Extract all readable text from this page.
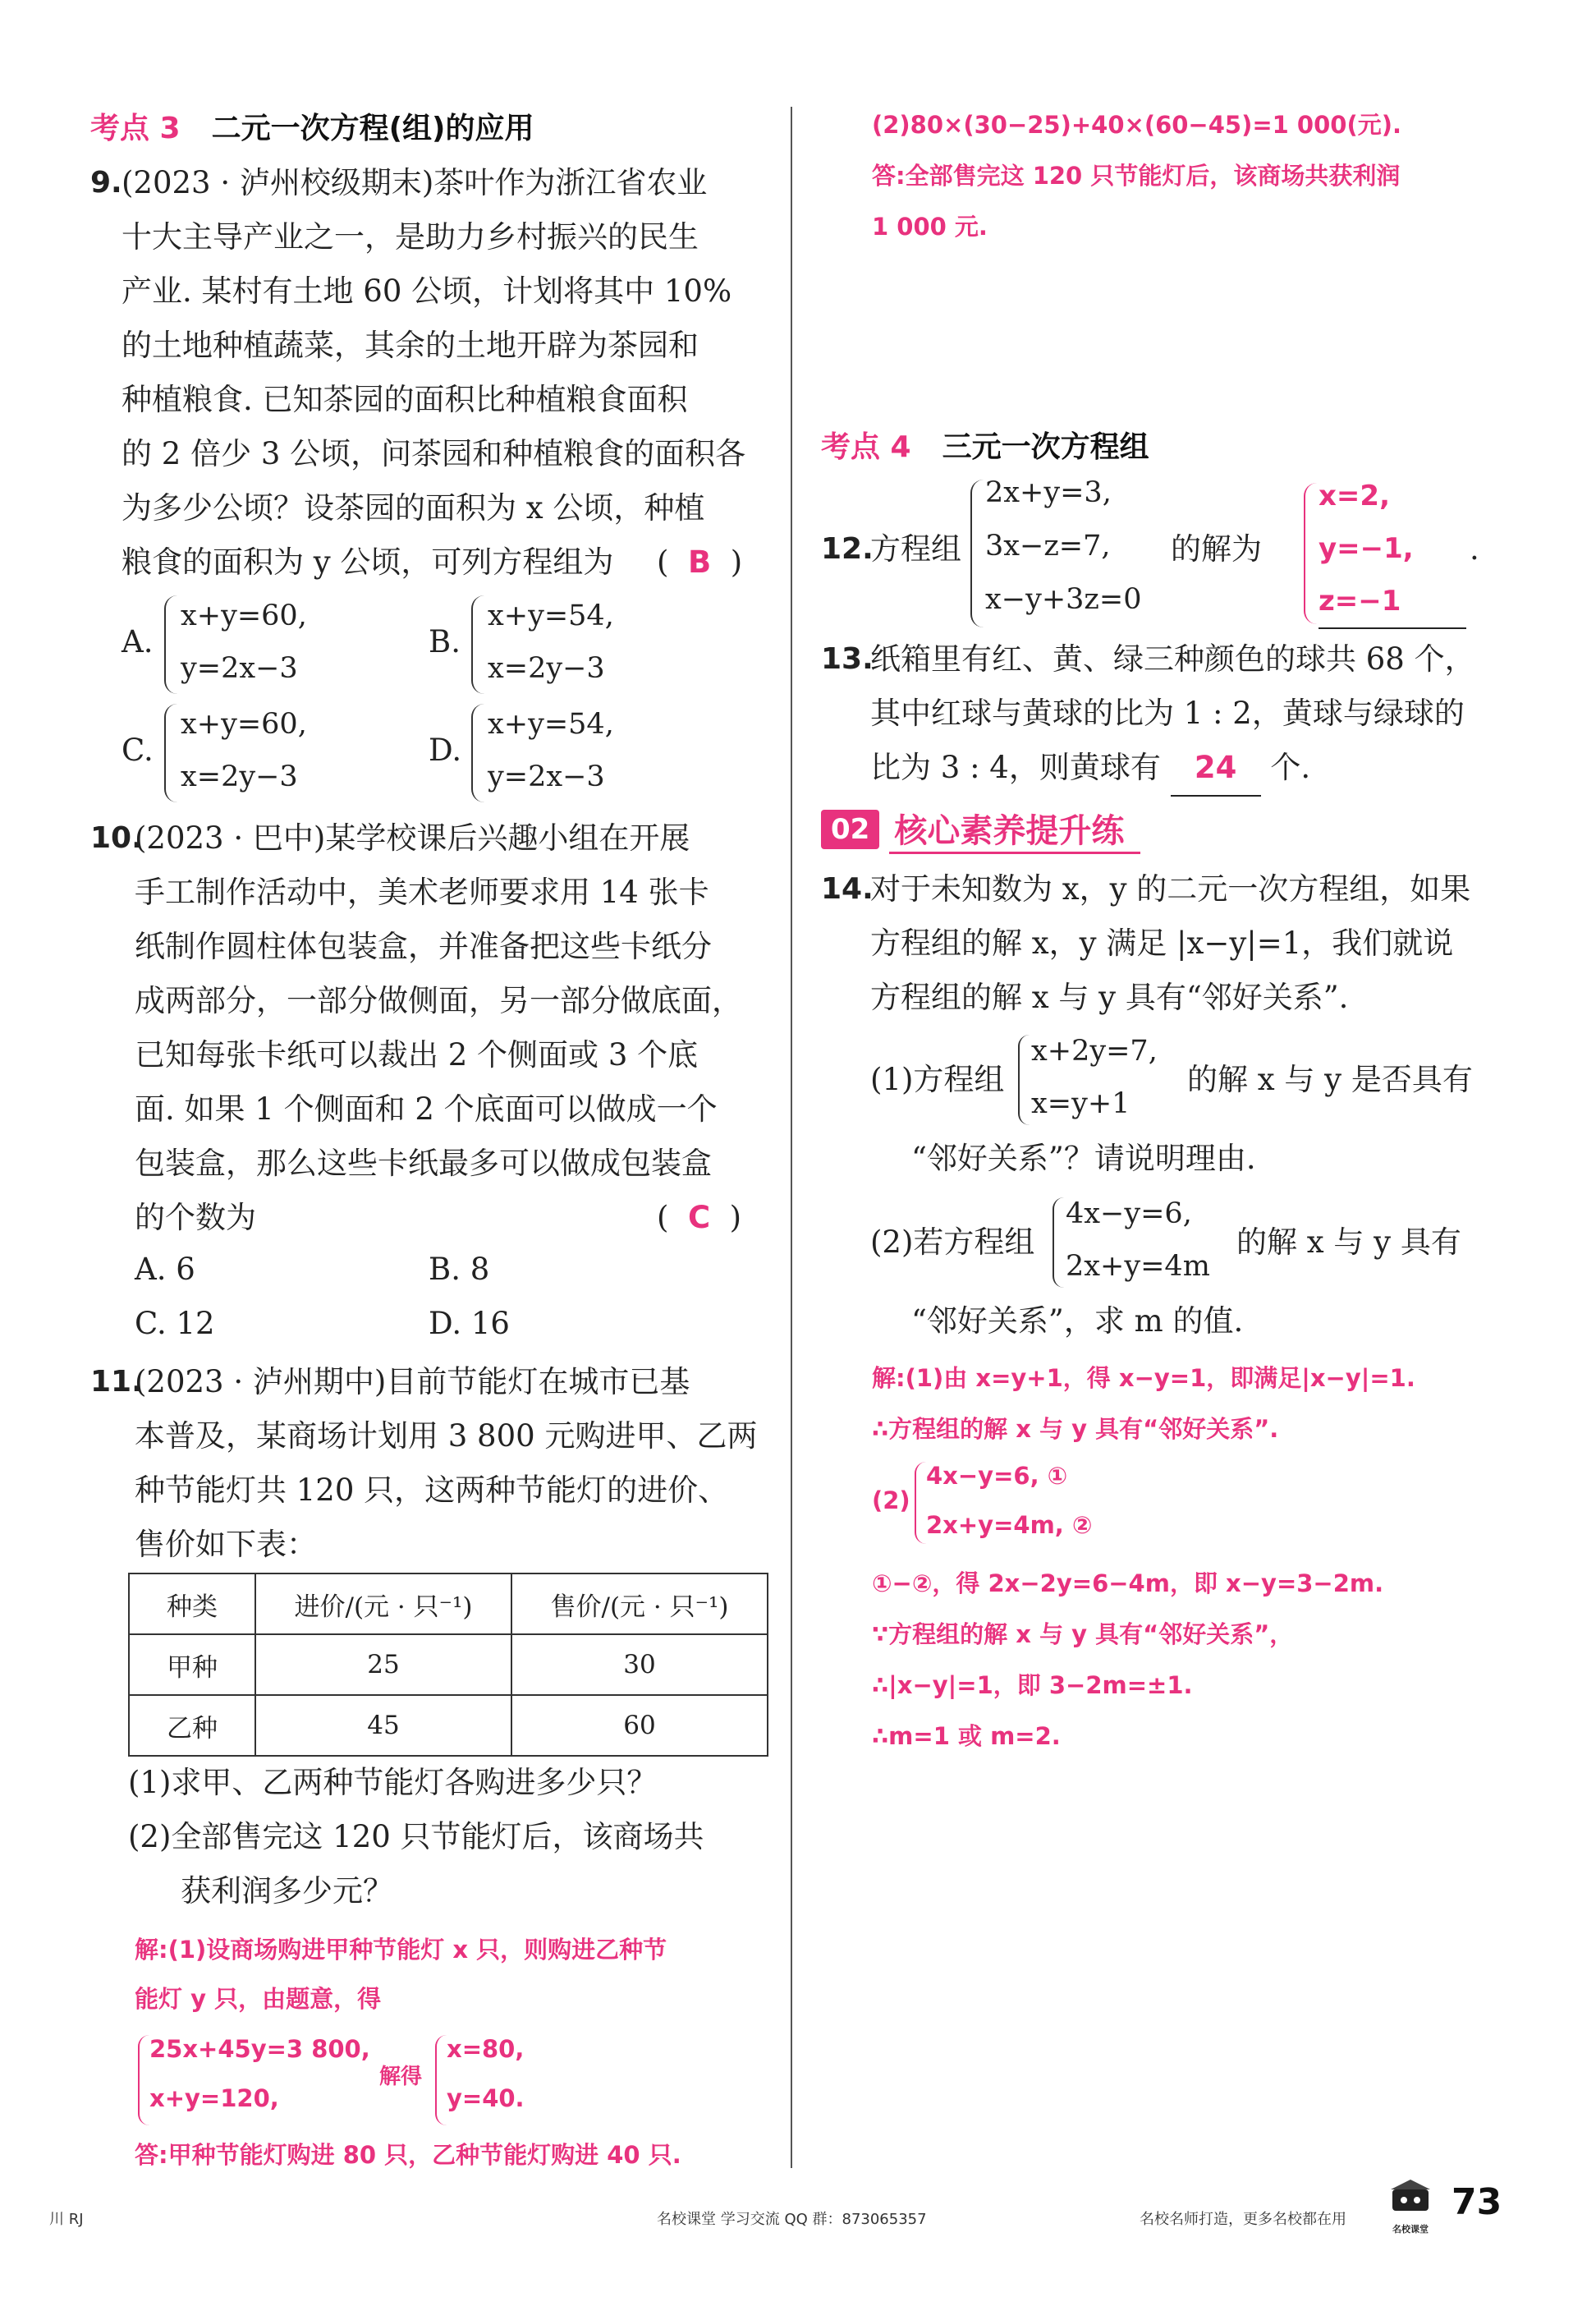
考点 3 二元一次方程(组)的应用
9. (2023 · 泸州校级期末)茶叶作为浙江省农业
十大主导产业之一，是助力乡村振兴的民生
产业. 某村有土地 60 公顷，计划将其中 10%
的土地种植蔬菜，其余的土地开辟为茶园和
种植粮食. 已知茶园的面积比种植粮食面积
的 2 倍少 3 公顷，问茶园和种植粮食的面积各
为多少公顷？设茶园的面积为 x 公顷，种植
粮食的面积为 y 公顷，可列方程组为 (  B  )
A.
x+y=60,
y=2x−3
B.
x+y=54,
x=2y−3
C.
x+y=60,
x=2y−3
D.
x+y=54,
y=2x−3
10.
(2023 · 巴中)某学校课后兴趣小组在开展
手工制作活动中，美术老师要求用 14 张卡
纸制作圆柱体包装盒，并准备把这些卡纸分
成两部分，一部分做侧面，另一部分做底面，
已知每张卡纸可以裁出 2 个侧面或 3 个底
面. 如果 1 个侧面和 2 个底面可以做成一个
包装盒，那么这些卡纸最多可以做成包装盒
的个数为	(  C  )
A. 6	B. 8
C. 12	D. 16
11.
(2023 · 泸州期中)目前节能灯在城市已基
本普及，某商场计划用 3 800 元购进甲、乙两
种节能灯共 120 只，这两种节能灯的进价、
售价如下表：
种类	进价/(元 · 只⁻¹)	售价/(元 · 只⁻¹)
甲种	25	30
乙种	45	60
(1)求甲、乙两种节能灯各购进多少只？
(2)全部售完这 120 只节能灯后，该商场共
获利润多少元？
解:(1)设商场购进甲种节能灯 x 只，则购进乙种节
能灯 y 只，由题意，得
25x+45y=3 800,
x+y=120,
解得
x=80,
y=40.
答:甲种节能灯购进 80 只，乙种节能灯购进 40 只.
(2)80×(30−25)+40×(60−45)=1 000(元).
答:全部售完这 120 只节能灯后，该商场共获利润
1 000 元.
考点 4 三元一次方程组
12.
方程组
2x+y=3,
3x−z=7,
x−y+3z=0
的解为
x=2,
y=−1,
z=−1
.
13.
纸箱里有红、黄、绿三种颜色的球共 68 个，
其中红球与黄球的比为 1 : 2，黄球与绿球的
比为 3 : 4，则黄球有 24 个.
02 核心素养提升练
14.
对于未知数为 x，y 的二元一次方程组，如果
方程组的解 x，y 满足 |x−y|=1，我们就说
方程组的解 x 与 y 具有“邻好关系”.
(1)方程组
x+2y=7,
x=y+1
的解 x 与 y 是否具有
“邻好关系”？请说明理由.
(2)若方程组
4x−y=6,
2x+y=4m
的解 x 与 y 具有
“邻好关系”，求 m 的值.
解:(1)由 x=y+1，得 x−y=1，即满足|x−y|=1.
∴方程组的解 x 与 y 具有“邻好关系”.
(2)
4x−y=6, ①
2x+y=4m, ②
①−②，得 2x−2y=6−4m，即 x−y=3−2m.
∵方程组的解 x 与 y 具有“邻好关系”，
∴|x−y|=1，即 3−2m=±1.
∴m=1 或 m=2.
川 RJ	名校课堂 学习交流 QQ 群：873065357	名校名师打造，更多名校都在用
名校课堂
73
